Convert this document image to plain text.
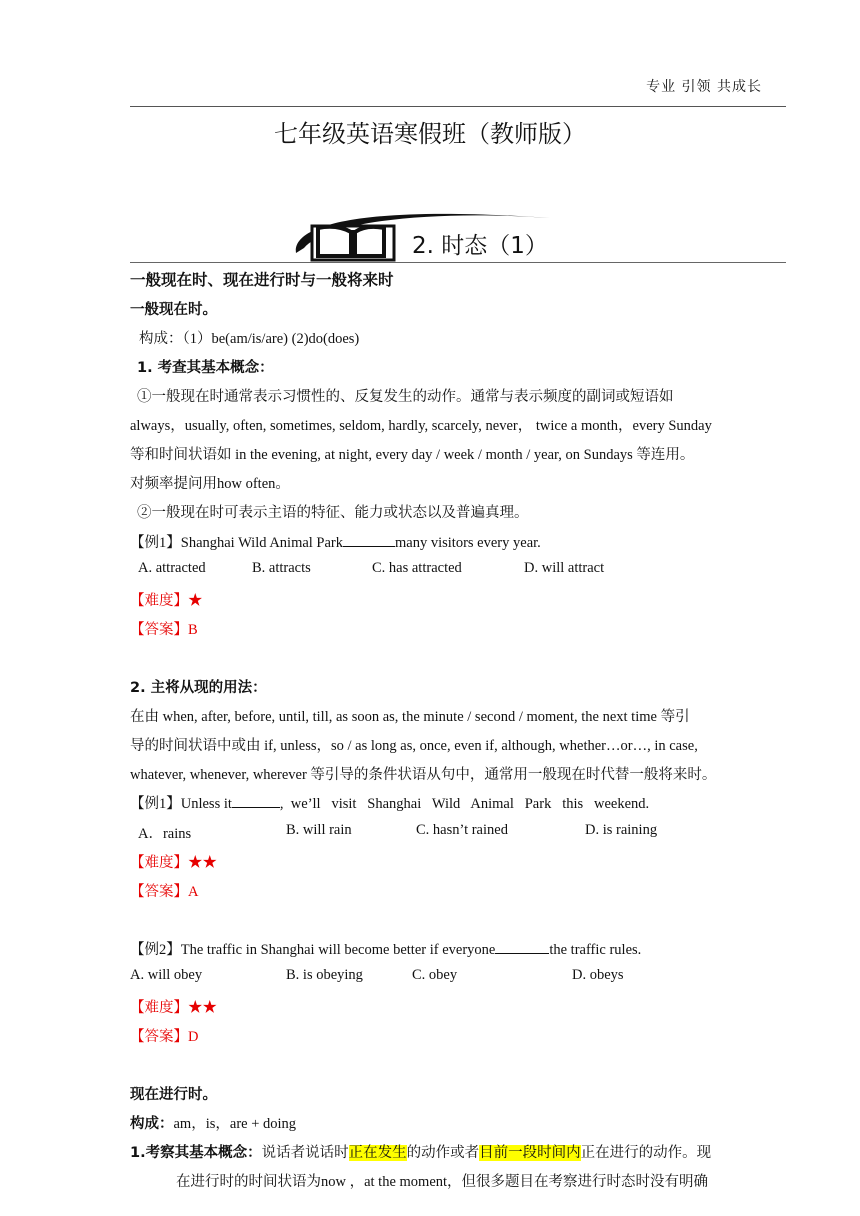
专业 引领 共成长
七年级英语寒假班（教师版）
2. 时态（1）
一般现在时、现在进行时与一般将来时
一般现在时。
构成：（1）be(am/is/are) (2)do(does)
1. 考查其基本概念：
①一般现在时通常表示习惯性的、反复发生的动作。通常与表示频度的副词或短语如
always，usually, often, sometimes, seldom, hardly, scarcely, never， twice a month，every Sunday
等和时间状语如 in the evening, at night, every day / week / month / year, on Sundays 等连用。
对频率提问用how often。
②一般现在时可表示主语的特征、能力或状态以及普遍真理。
【例1】Shanghai Wild Animal Park	many visitors every year.
A. attracted	B. attracts	C. has attracted	D. will attract
【难度】★
【答案】B
2. 主将从现的用法：
在由 when, after, before, until, till, as soon as, the minute / second / moment, the next time 等引
导的时间状语中或由 if, unless，so / as long as, once, even if, although, whether…or…, in case,
whatever, whenever, wherever 等引导的条件状语从句中，通常用一般现在时代替一般将来时。
【例1】Unless it	,  we’ll   visit   Shanghai   Wild   Animal   Park   this   weekend.
A．rains	B. will rain	C. hasn’t rained	D. is raining
【难度】★★
【答案】A
【例2】The traffic in Shanghai will become better if everyone	the traffic rules.
A. will obey	B. is obeying	C. obey	D. obeys
【难度】★★
【答案】D
现在进行时。
构成：am，is，are + doing
1.考察其基本概念：说话者说话时正在发生的动作或者目前一段时间内正在进行的动作。现
在进行时的时间状语为now ，at the moment，但很多题目在考察进行时态时没有明确
